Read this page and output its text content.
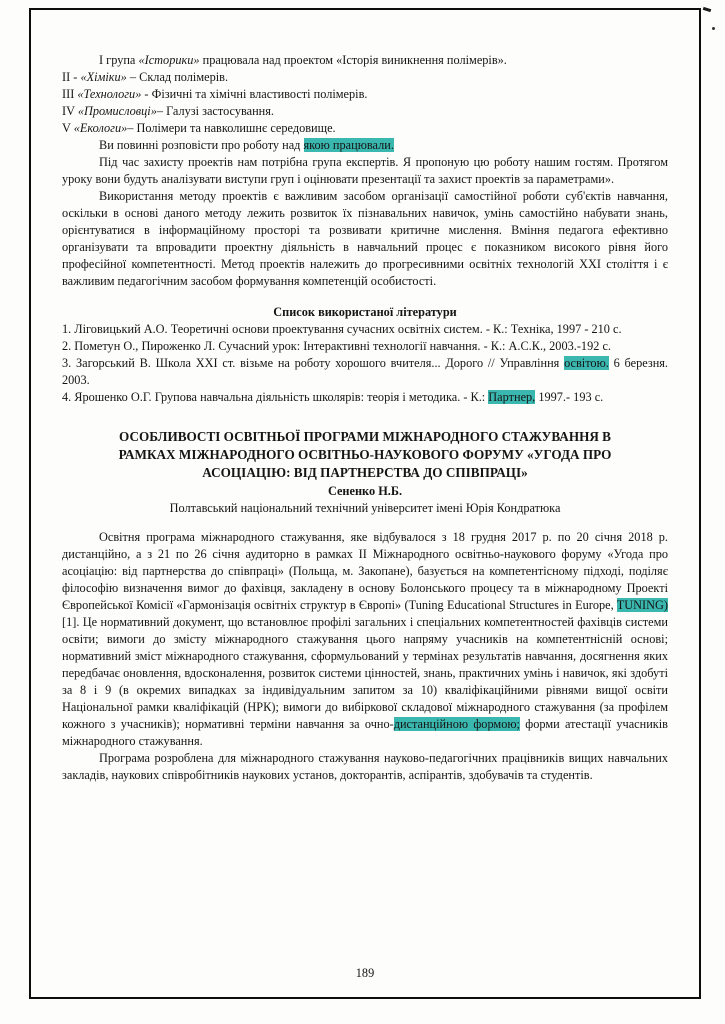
I група «Історики» працювала над проектом «Історія виникнення полімерів».

II - «Хіміки» – Склад полімерів.

III «Технологи» - Фізичні та хімічні властивості полімерів.

IV «Промисловці»– Галузі застосування.

V «Екологи»– Полімери та навколишнє середовище.

Ви повинні розповісти про роботу над якою працювали.

Під час захисту проектів нам потрібна група експертів. Я пропоную цю роботу нашим гостям. Протягом уроку вони будуть аналізувати виступи груп і оцінювати презентації та захист проектів за параметрами».

Використання методу проектів є важливим засобом організації самостійної роботи суб'єктів навчання, оскільки в основі даного методу лежить розвиток їх пізнавальних навичок, умінь самостійно набувати знань, орієнтуватися в інформаційному просторі та розвивати критичне мислення. Вміння педагога ефективно організувати та впровадити проектну діяльність в навчальний процес є показником високого рівня його професійної компетентності. Метод проектів належить до прогресивними освітніх технологій XXI століття і є важливим педагогічним засобом формування компетенцій особистості.

Список використаної літератури

1. Ліговицький А.О. Теоретичні основи проектування сучасних освітніх систем. - К.: Техніка, 1997 - 210 с.

2. Пометун О., Пироженко Л. Сучасний урок: Інтерактивні технології навчання. - К.: А.С.К., 2003.-192 с.

3. Загорський В. Школа XXI ст. візьме на роботу хорошого вчителя... Дорого // Управління освітою. 6 березня. 2003.

4. Ярошенко О.Г. Групова навчальна діяльність школярів: теорія і методика. - К.: Партнер, 1997.- 193 с.

ОСОБЛИВОСТІ ОСВІТНЬОЇ ПРОГРАМИ МІЖНАРОДНОГО СТАЖУВАННЯ В РАМКАХ МІЖНАРОДНОГО ОСВІТНЬО-НАУКОВОГО ФОРУМУ «УГОДА ПРО АСОЦІАЦІЮ: ВІД ПАРТНЕРСТВА ДО СПІВПРАЦІ»

Сененко Н.Б.

Полтавський національний технічний університет імені Юрія Кондратюка

Освітня програма міжнародного стажування, яке відбувалося з 18 грудня 2017 р. по 20 січня 2018 р. дистанційно, а з 21 по 26 січня аудиторно в рамках II Міжнародного освітньо-наукового форуму «Угода про асоціацію: від партнерства до співпраці» (Польща, м. Закопане), базується на компетентісному підході, поділяє філософію визначення вимог до фахівця, закладену в основу Болонського процесу та в міжнародному Проекті Європейської Комісії «Гармонізація освітніх структур в Європі» (Tuning Educational Structures in Europe, TUNING) [1]. Це нормативний документ, що встановлює профілі загальних і спеціальних компетентностей фахівців системи освіти; вимоги до змісту міжнародного стажування цього напряму учасників на компетентнісній основі; нормативний зміст міжнародного стажування, сформульований у термінах результатів навчання, досягнення яких передбачає оновлення, вдосконалення, розвиток системи цінностей, знань, практичних умінь і навичок, які здобуті за 8 і 9 (в окремих випадках за індивідуальним запитом за 10) кваліфікаційними рівнями вищої освіти Національної рамки кваліфікацій (НРК); вимоги до вибіркової складової міжнародного стажування (за профілем кожного з учасників); нормативні терміни навчання за очно-дистанційною формою; форми атестації учасників міжнародного стажування.

Програма розроблена для міжнародного стажування науково-педагогічних працівників вищих навчальних закладів, наукових співробітників наукових установ, докторантів, аспірантів, здобувачів та студентів.

189
